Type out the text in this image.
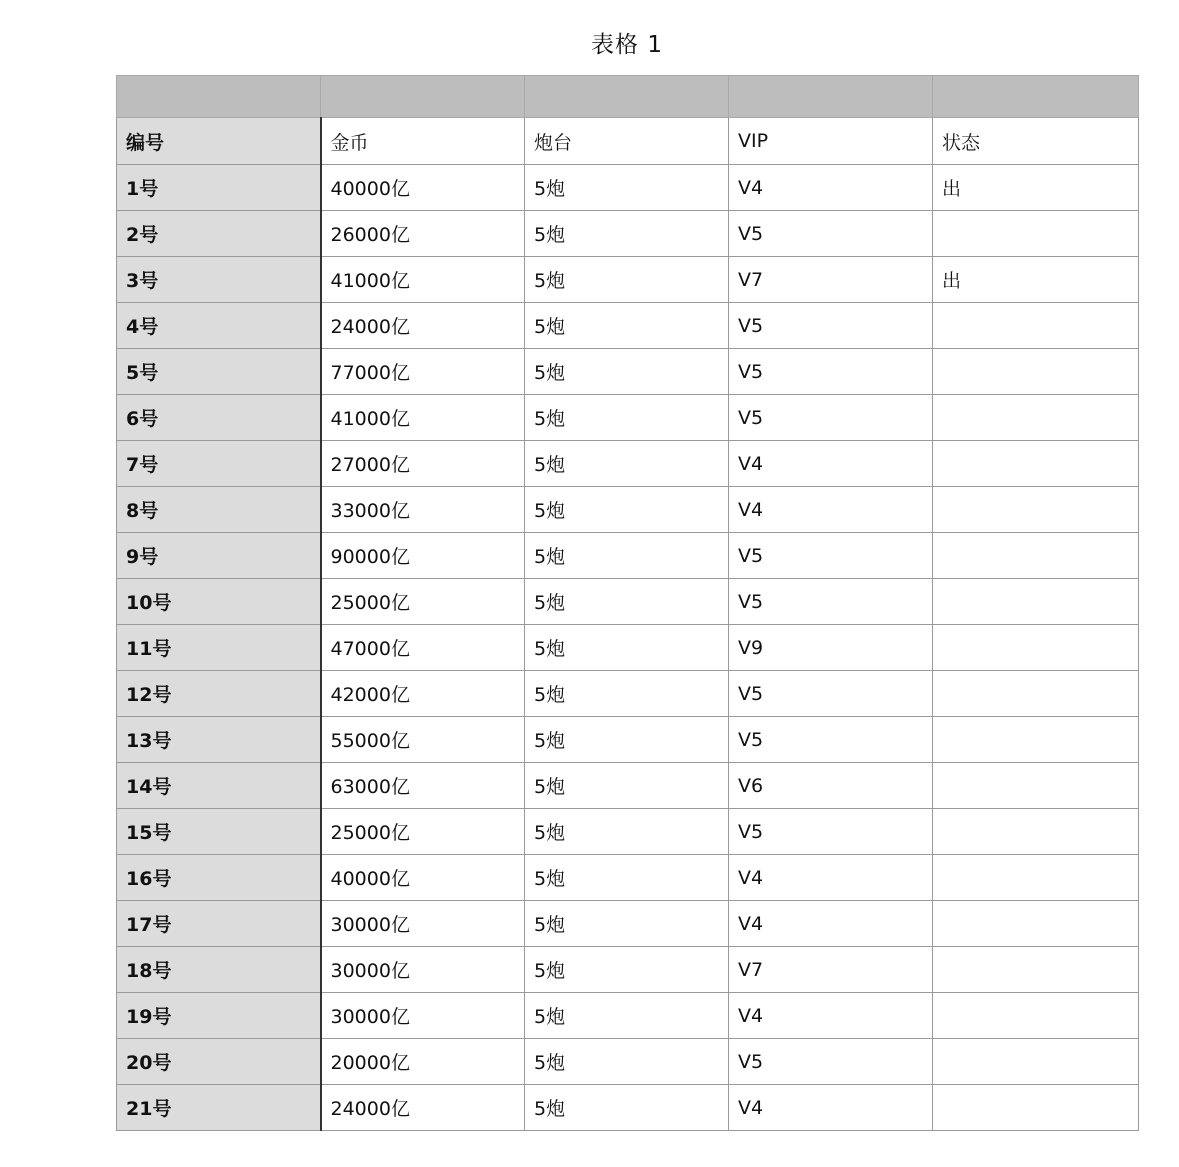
表格 1

编号	金币	炮台	VIP	状态
1号	40000亿	5炮	V4	出
2号	26000亿	5炮	V5	
3号	41000亿	5炮	V7	出
4号	24000亿	5炮	V5	
5号	77000亿	5炮	V5	
6号	41000亿	5炮	V5	
7号	27000亿	5炮	V4	
8号	33000亿	5炮	V4	
9号	90000亿	5炮	V5	
10号	25000亿	5炮	V5	
11号	47000亿	5炮	V9	
12号	42000亿	5炮	V5	
13号	55000亿	5炮	V5	
14号	63000亿	5炮	V6	
15号	25000亿	5炮	V5	
16号	40000亿	5炮	V4	
17号	30000亿	5炮	V4	
18号	30000亿	5炮	V7	
19号	30000亿	5炮	V4	
20号	20000亿	5炮	V5	
21号	24000亿	5炮	V4	
